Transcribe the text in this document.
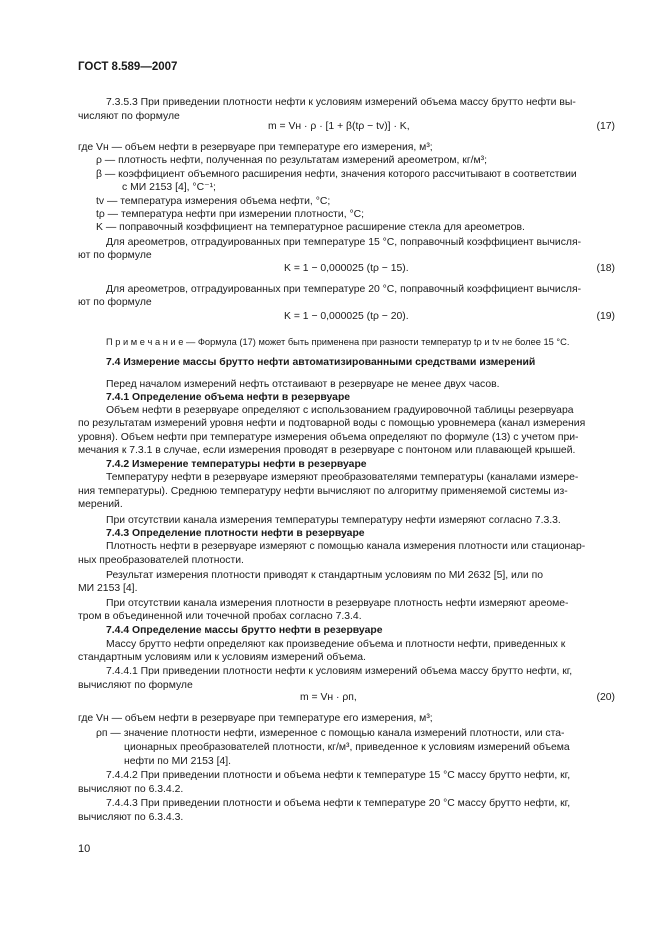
ГОСТ 8.589—2007
7.3.5.3 При приведении плотности нефти к условиям измерений объема массу брутто нефти вы-
числяют по формуле
m = Vн · ρ · [1 + β(tρ − tv)] · K,	(17)
где Vн — объем нефти в резервуаре при температуре его измерения, м³;
ρ — плотность нефти, полученная по результатам измерений ареометром, кг/м³;
β — коэффициент объемного расширения нефти, значения которого рассчитывают в соответствии
с МИ 2153 [4], °С⁻¹;
tv — температура измерения объема нефти, °С;
tρ — температура нефти при измерении плотности, °С;
K — поправочный коэффициент на температурное расширение стекла для ареометров.
Для ареометров, отградуированных при температуре 15 °С, поправочный коэффициент вычисля-
ют по формуле
K = 1 − 0,000025 (tρ − 15).	(18)
Для ареометров, отградуированных при температуре 20 °С, поправочный коэффициент вычисля-
ют по формуле
K = 1 − 0,000025 (tρ − 20).	(19)
П р и м е ч а н и е — Формула (17) может быть применена при разности температур tρ и tv не более 15 °С.
7.4 Измерение массы брутто нефти автоматизированными средствами измерений
Перед началом измерений нефть отстаивают в резервуаре не менее двух часов.
7.4.1 Определение объема нефти в резервуаре
Объем нефти в резервуаре определяют с использованием градуировочной таблицы резервуара
по результатам измерений уровня нефти и подтоварной воды с помощью уровнемера (канал измерения
уровня). Объем нефти при температуре измерения объема определяют по формуле (13) с учетом при-
мечания к 7.3.1 в случае, если измерения проводят в резервуаре с понтоном или плавающей крышей.
7.4.2 Измерение температуры нефти в резервуаре
Температуру нефти в резервуаре измеряют преобразователями температуры (каналами измере-
ния температуры). Среднюю температуру нефти вычисляют по алгоритму применяемой системы из-
мерений.
При отсутствии канала измерения температуры температуру нефти измеряют согласно 7.3.3.
7.4.3 Определение плотности нефти в резервуаре
Плотность нефти в резервуаре измеряют с помощью канала измерения плотности или стационар-
ных преобразователей плотности.
Результат измерения плотности приводят к стандартным условиям по МИ 2632 [5], или по
МИ 2153 [4].
При отсутствии канала измерения плотности в резервуаре плотность нефти измеряют ареоме-
тром в объединенной или точечной пробах согласно 7.3.4.
7.4.4 Определение массы брутто нефти в резервуаре
Массу брутто нефти определяют как произведение объема и плотности нефти, приведенных к
стандартным условиям или к условиям измерений объема.
7.4.4.1 При приведении плотности нефти к условиям измерений объема массу брутто нефти, кг,
вычисляют по формуле
m = Vн · ρп,	(20)
где Vн — объем нефти в резервуаре при температуре его измерения, м³;
ρп — значение плотности нефти, измеренное с помощью канала измерений плотности, или ста-
ционарных преобразователей плотности, кг/м³, приведенное к условиям измерений объема
нефти по МИ 2153 [4].
7.4.4.2 При приведении плотности и объема нефти к температуре 15 °С массу брутто нефти, кг,
вычисляют по 6.3.4.2.
7.4.4.3 При приведении плотности и объема нефти к температуре 20 °С массу брутто нефти, кг,
вычисляют по 6.3.4.3.
10
